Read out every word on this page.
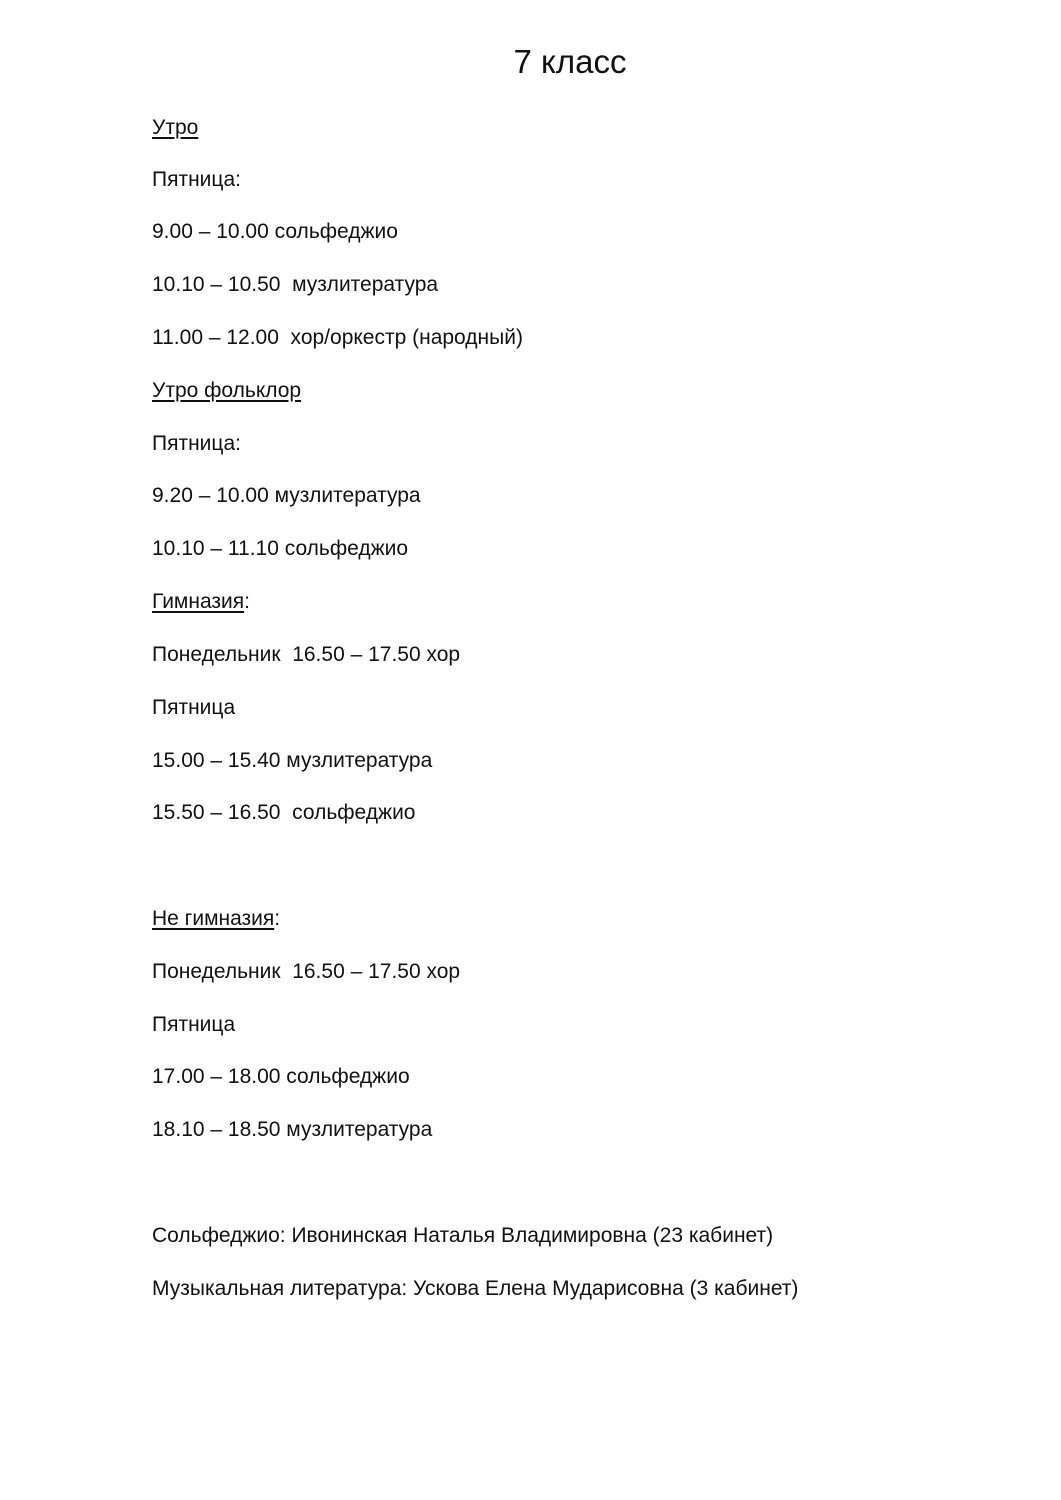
7 класс
Утро
Пятница:
9.00 – 10.00 сольфеджио
10.10 – 10.50  музлитература
11.00 – 12.00  хор/оркестр (народный)
Утро фольклор
Пятница:
9.20 – 10.00 музлитература
10.10 – 11.10 сольфеджио
Гимназия:
Понедельник  16.50 – 17.50 хор
Пятница
15.00 – 15.40 музлитература
15.50 – 16.50  сольфеджио
Не гимназия:
Понедельник  16.50 – 17.50 хор
Пятница
17.00 – 18.00 сольфеджио
18.10 – 18.50 музлитература
Сольфеджио: Ивонинская Наталья Владимировна (23 кабинет)
Музыкальная литература: Ускова Елена Мударисовна (3 кабинет)
